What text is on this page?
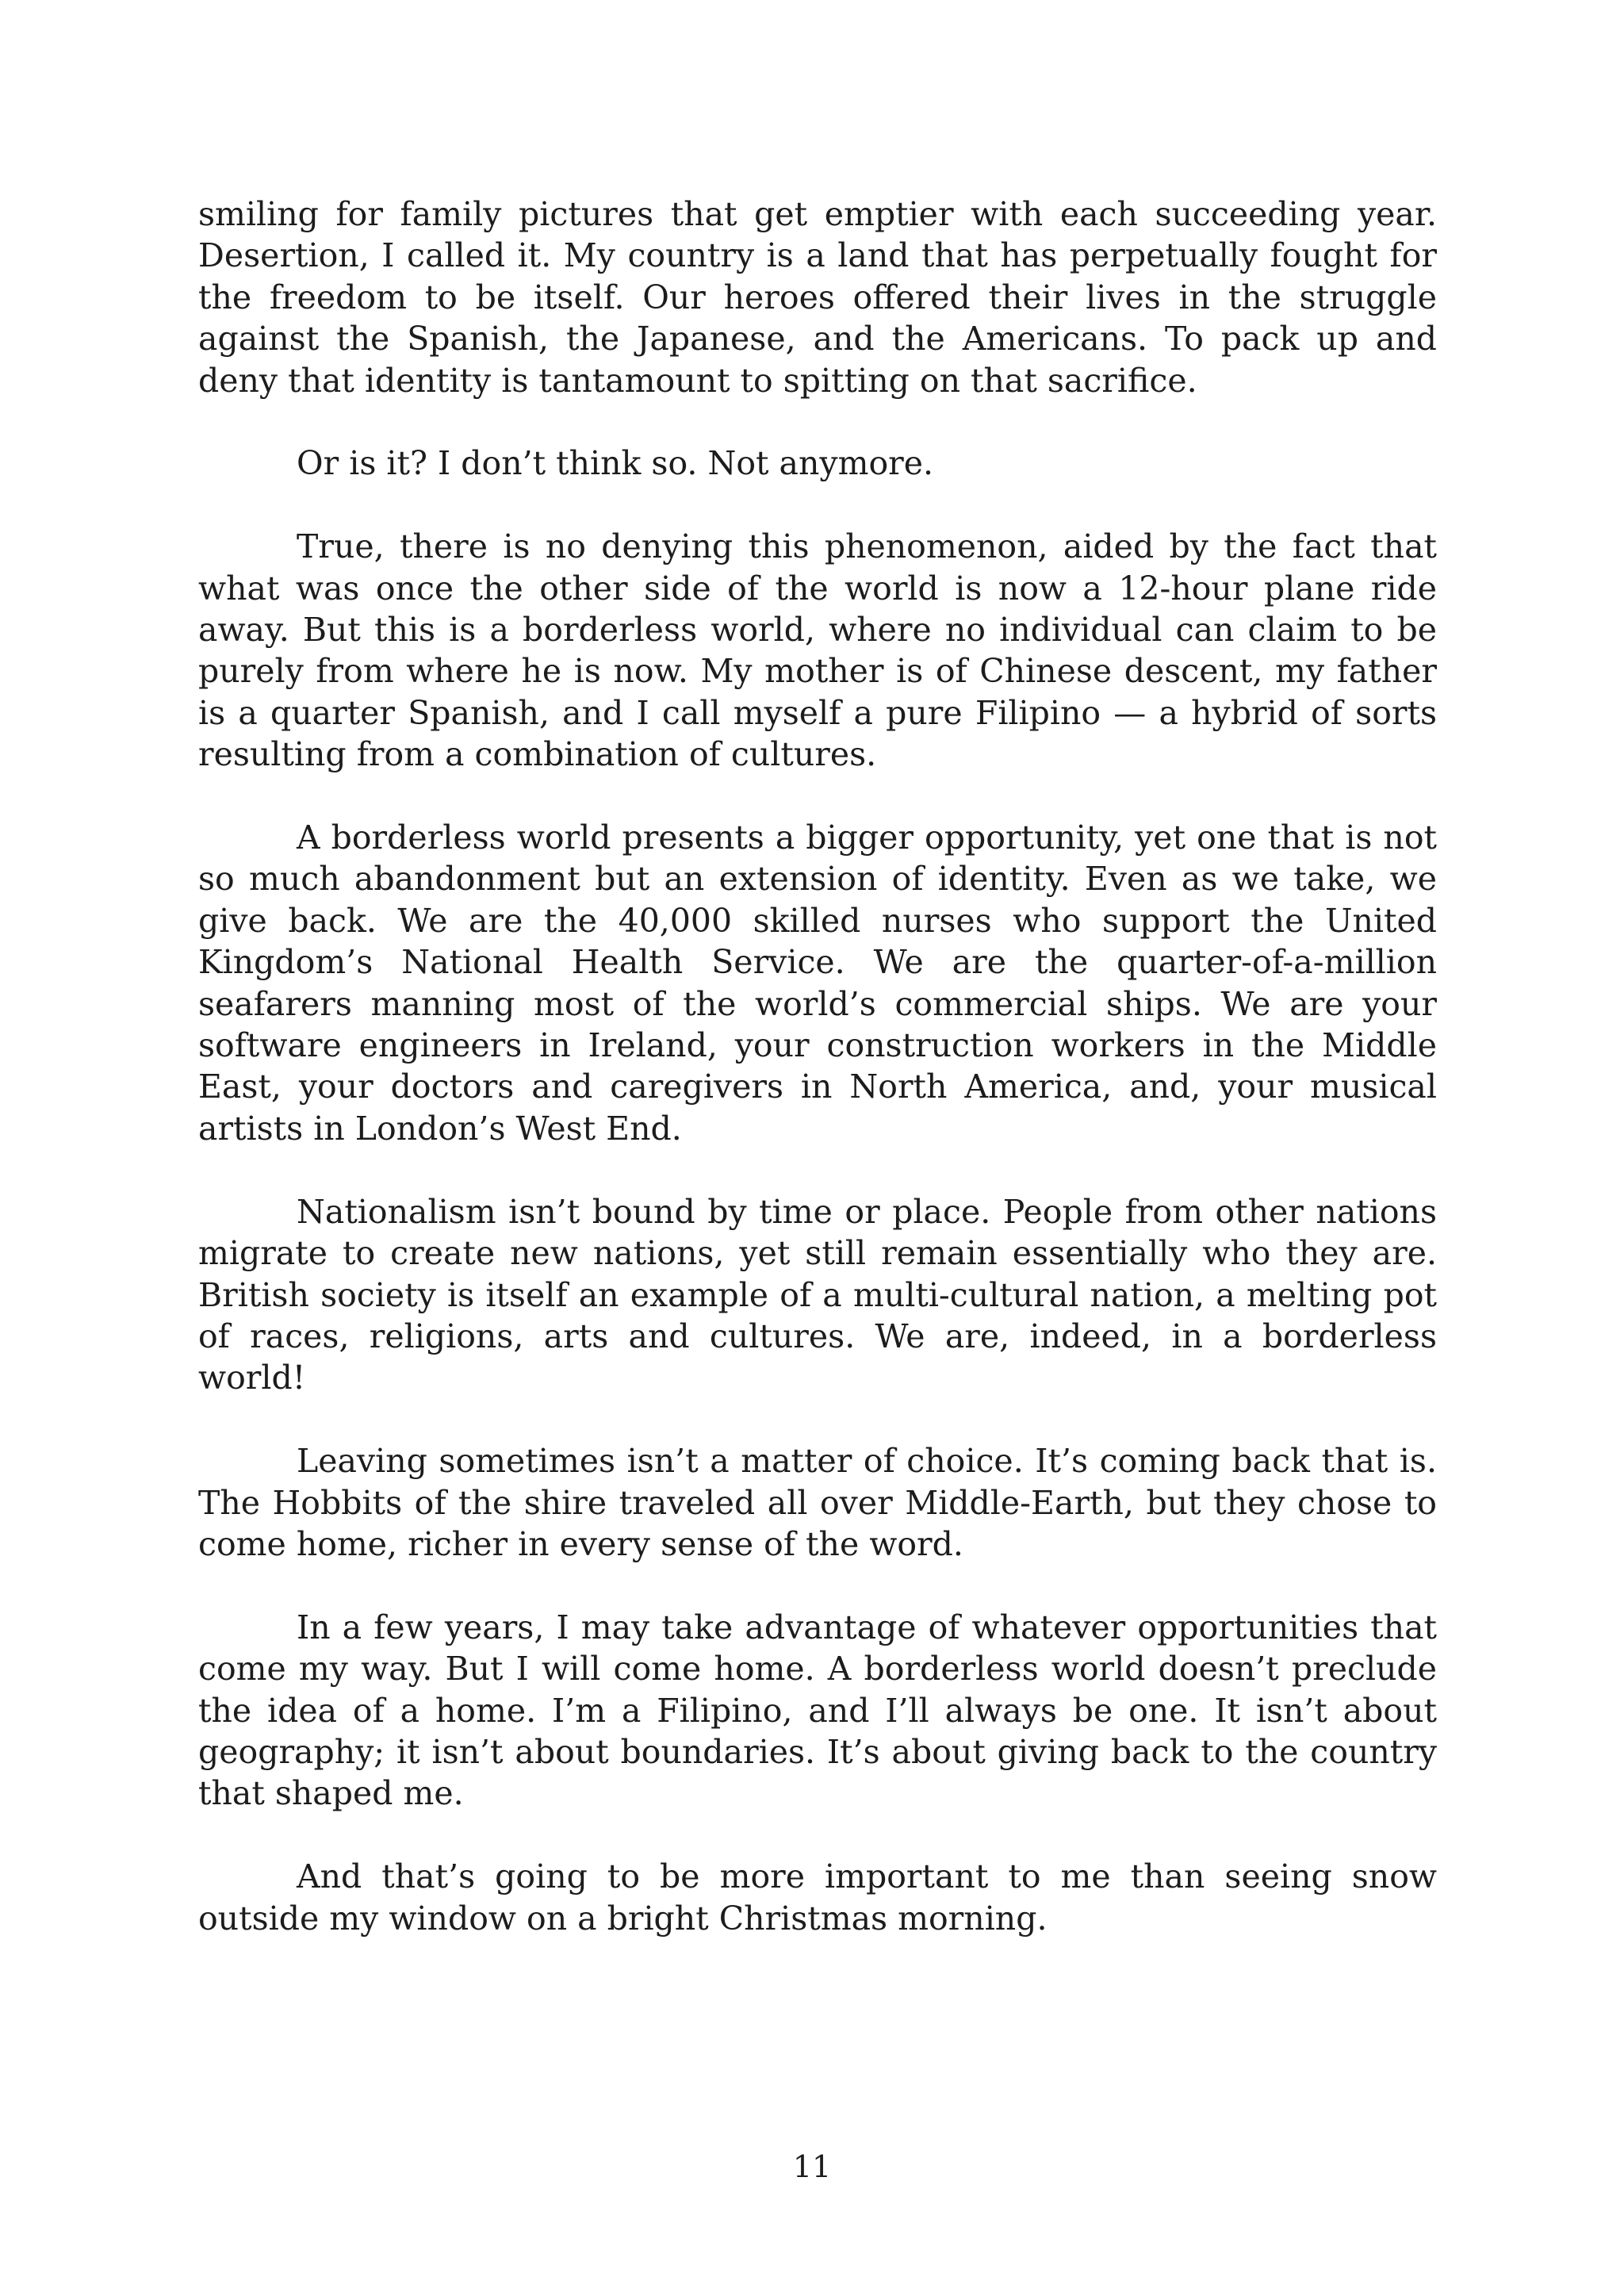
smiling for family pictures that get emptier with each succeeding year. Desertion, I called it. My country is a land that has perpetually fought for the freedom to be itself. Our heroes offered their lives in the struggle against the Spanish, the Japanese, and the Americans. To pack up and deny that identity is tantamount to spitting on that sacrifice.

Or is it? I don’t think so. Not anymore.

True, there is no denying this phenomenon, aided by the fact that what was once the other side of the world is now a 12-hour plane ride away. But this is a borderless world, where no individual can claim to be purely from where he is now. My mother is of Chinese descent, my father is a quarter Spanish, and I call myself a pure Filipino — a hybrid of sorts resulting from a combination of cultures.

A borderless world presents a bigger opportunity, yet one that is not so much abandonment but an extension of identity. Even as we take, we give back. We are the 40,000 skilled nurses who support the United Kingdom’s National Health Service. We are the quarter-of-a-million seafarers manning most of the world’s commercial ships. We are your software engineers in Ireland, your construction workers in the Middle East, your doctors and caregivers in North America, and, your musical artists in London’s West End.

Nationalism isn’t bound by time or place. People from other nations migrate to create new nations, yet still remain essentially who they are. British society is itself an example of a multi-cultural nation, a melting pot of races, religions, arts and cultures. We are, indeed, in a borderless world!

Leaving sometimes isn’t a matter of choice. It’s coming back that is. The Hobbits of the shire traveled all over Middle-Earth, but they chose to come home, richer in every sense of the word.

In a few years, I may take advantage of whatever opportunities that come my way. But I will come home. A borderless world doesn’t preclude the idea of a home. I’m a Filipino, and I’ll always be one. It isn’t about geography; it isn’t about boundaries. It’s about giving back to the country that shaped me.

And that’s going to be more important to me than seeing snow outside my window on a bright Christmas morning.

11
